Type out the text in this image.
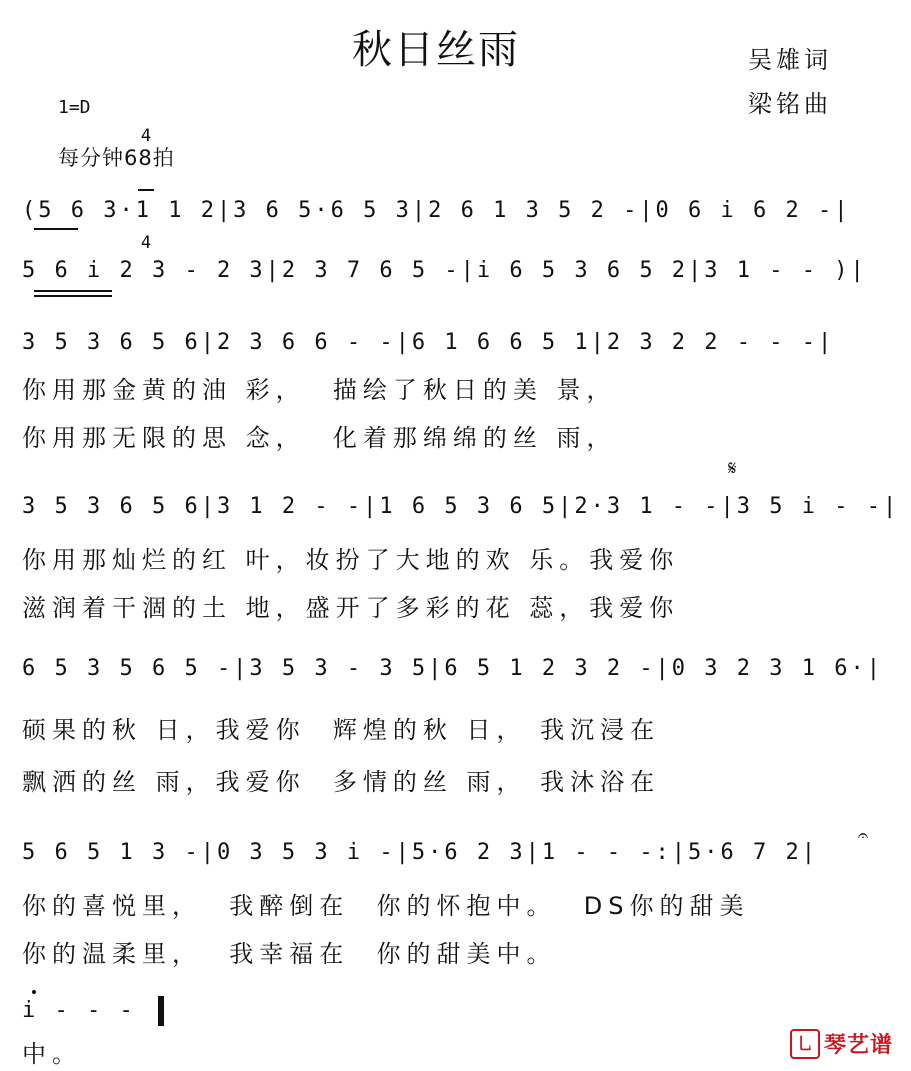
秋日丝雨	吴雄词
梁铭曲
1=D

4

4

每分钟68拍
(5 6 3·1 1 2|3 6 5·6 5 3|2 6 1 3 5 2 -|0 6 i 6 2 -|
5 6 i 2 3 - 2 3|2 3 7 6 5 -|i 6 5 3 6 5 2|3 1 - - )|
3 5 3 6 5 6|2 3 6 6 - -|6 1 6 6 5 1|2 3 2 2 - - -|
你用那金黄的油 彩，  描绘了秋日的美 景，
你用那无限的思 念，  化着那绵绵的丝 雨，
𝄋
3 5 3 6 5 6|3 1 2 - -|1 6 5 3 6 5|2·3 1 - -|3 5 i - -|
你用那灿烂的红 叶，妆扮了大地的欢 乐。我爱你
滋润着干涸的土 地，盛开了多彩的花 蕊，我爱你
6 5 3 5 6 5 -|3 5 3 - 3 5|6 5 1 2 3 2 -|0 3 2 3 1 6·|
硕果的秋 日，我爱你  辉煌的秋 日， 我沉浸在
飘洒的丝 雨，我爱你  多情的丝 雨， 我沐浴在
𝄐
5 6 5 1 3 -|0 3 5 3 i -|5·6 2 3|1 - - -:|5·6 7 2|
你的喜悦里，  我醉倒在  你的怀抱中。  DS你的甜美
你的温柔里，  我幸福在  你的甜美中。
i - - -
中。	乚 琴艺谱
